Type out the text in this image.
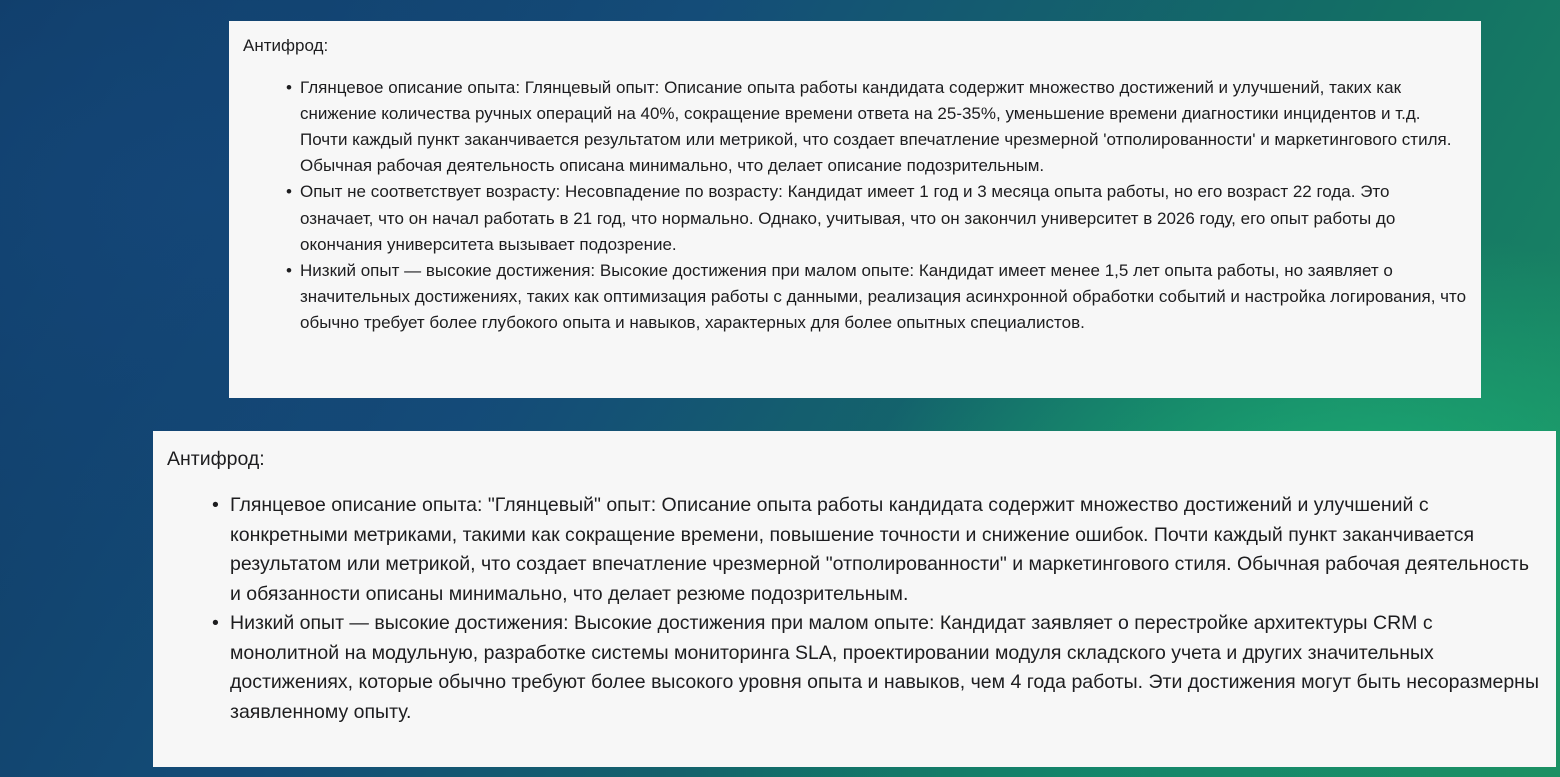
Антифрод:

• Глянцевое описание опыта: Глянцевый опыт: Описание опыта работы кандидата содержит множество достижений и улучшений, таких как снижение количества ручных операций на 40%, сокращение времени ответа на 25-35%, уменьшение времени диагностики инцидентов и т.д. Почти каждый пункт заканчивается результатом или метрикой, что создает впечатление чрезмерной 'отполированности' и маркетингового стиля. Обычная рабочая деятельность описана минимально, что делает описание подозрительным.
• Опыт не соответствует возрасту: Несовпадение по возрасту: Кандидат имеет 1 год и 3 месяца опыта работы, но его возраст 22 года. Это означает, что он начал работать в 21 год, что нормально. Однако, учитывая, что он закончил университет в 2026 году, его опыт работы до окончания университета вызывает подозрение.
• Низкий опыт — высокие достижения: Высокие достижения при малом опыте: Кандидат имеет менее 1,5 лет опыта работы, но заявляет о значительных достижениях, таких как оптимизация работы с данными, реализация асинхронной обработки событий и настройка логирования, что обычно требует более глубокого опыта и навыков, характерных для более опытных специалистов.

Антифрод:

• Глянцевое описание опыта: "Глянцевый" опыт: Описание опыта работы кандидата содержит множество достижений и улучшений с конкретными метриками, такими как сокращение времени, повышение точности и снижение ошибок. Почти каждый пункт заканчивается результатом или метрикой, что создает впечатление чрезмерной "отполированности" и маркетингового стиля. Обычная рабочая деятельность и обязанности описаны минимально, что делает резюме подозрительным.
• Низкий опыт — высокие достижения: Высокие достижения при малом опыте: Кандидат заявляет о перестройке архитектуры CRM с монолитной на модульную, разработке системы мониторинга SLA, проектировании модуля складского учета и других значительных достижениях, которые обычно требуют более высокого уровня опыта и навыков, чем 4 года работы. Эти достижения могут быть несоразмерны заявленному опыту.
